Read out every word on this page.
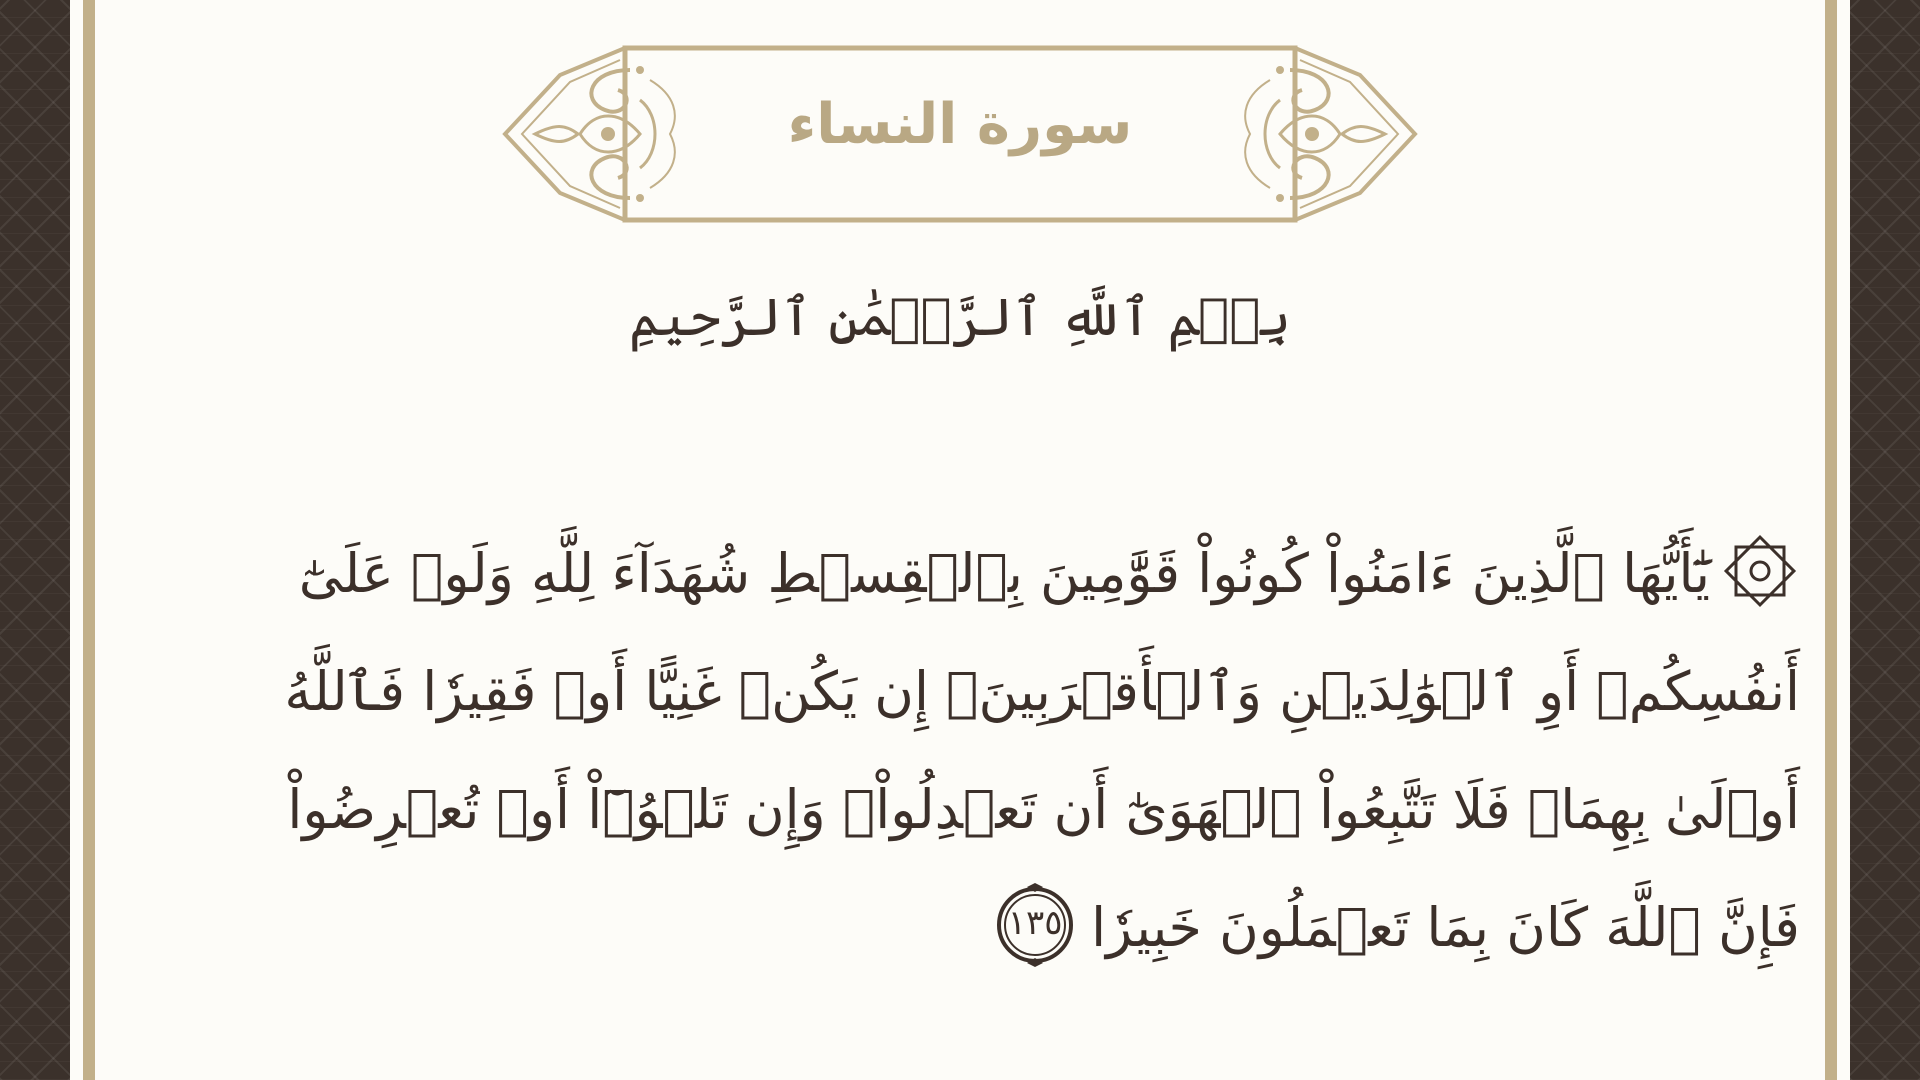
سورة النساء
بِسۡمِ ٱللَّهِ ٱلرَّحۡمَٰنِ ٱلرَّحِيمِ
يَٰٓأَيُّهَا ٱلَّذِينَ ءَامَنُواْ كُونُواْ قَوَّٰمِينَ بِٱلۡقِسۡطِ شُهَدَآءَ لِلَّهِ وَلَوۡ عَلَىٰٓ
أَنفُسِكُمۡ أَوِ ٱلۡوَٰلِدَيۡنِ وَٱلۡأَقۡرَبِينَۚ إِن يَكُنۡ غَنِيًّا أَوۡ فَقِيرٗا فَٱللَّهُ
أَوۡلَىٰ بِهِمَاۖ فَلَا تَتَّبِعُواْ ٱلۡهَوَىٰٓ أَن تَعۡدِلُواْۚ وَإِن تَلۡوُۥٓاْ أَوۡ تُعۡرِضُواْ
فَإِنَّ ٱللَّهَ كَانَ بِمَا تَعۡمَلُونَ خَبِيرٗا
١٣٥
